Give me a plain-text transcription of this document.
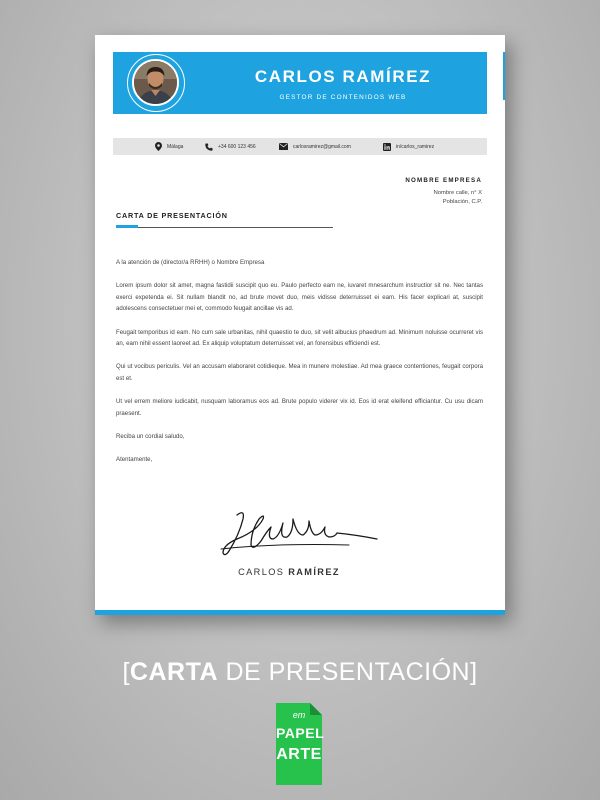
CARLOS RAMÍREZ
GESTOR DE CONTENIDOS WEB
Málaga	+34 600 123 456	carlosramirez@gmail.com	in/carlos_ramirez
NOMBRE EMPRESA
Nombre calle, n° X
Población, C.P.
CARTA DE PRESENTACIÓN

A la atención de (director/a RRHH) o Nombre Empresa

Lorem ipsum dolor sit amet, magna fastidii suscipit quo eu. Paulo perfecto eam ne, iuvaret mnesarchum instructior sit ne. Nec tantas exerci expetenda ei. Sit nullam blandit no, ad brute movet duo, meis vidisse deterruisset ei eam. His facer explicari at, suscipit adolescens consectetuer mei et, commodo feugait ancillae vis ad.

Feugait temporibus id eam. No cum sale urbanitas, nihil quaestio te duo, sit velit albucius phaedrum ad. Minimum noluisse ocurreret vis an, eam nihil essent laoreet ad. Ex aliquip voluptatum deterruisset vel, an forensibus efficiendi est.

Qui ut vocibus periculis. Vel an accusam elaboraret cotidieque. Mea in munere molestiae. Ad mea graece contentiones, feugait corpora est et.

Ut vel errem meliore iudicabit, nusquam laboramus eos ad. Brute populo viderer vix id. Eos id erat eleifend efficiantur. Cu usu dicam praesent.

Reciba un cordial saludo,

Atentamente,

CARLOS RAMÍREZ
[CARTA DE PRESENTACIÓN]
em
PAPEL
ARTE
